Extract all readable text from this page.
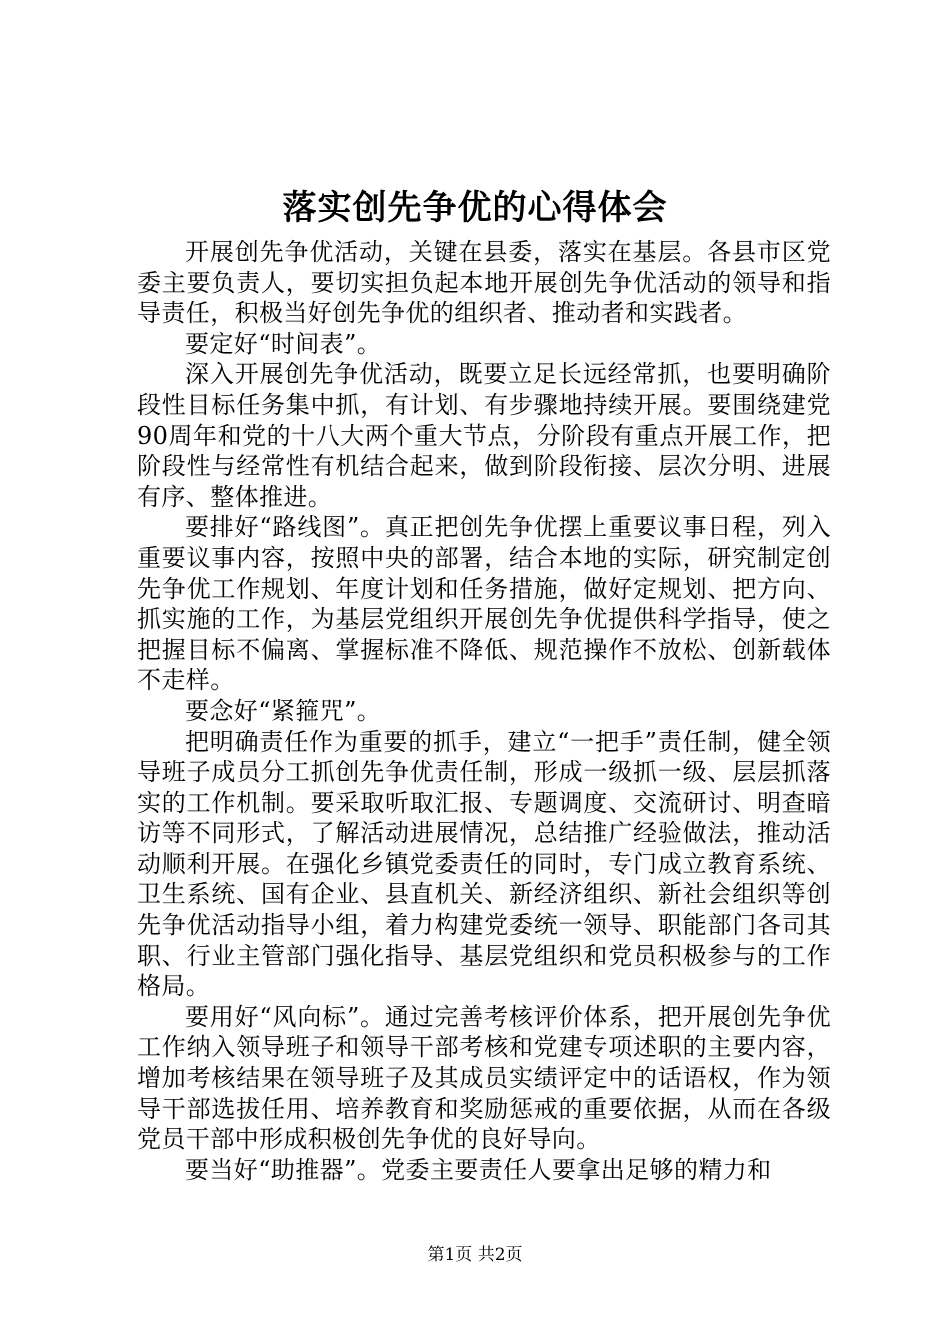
落实创先争优的心得体会

开展创先争优活动，关键在县委，落实在基层。各县市区党委主要负责人，要切实担负起本地开展创先争优活动的领导和指导责任，积极当好创先争优的组织者、推动者和实践者。

要定好“时间表”。

深入开展创先争优活动，既要立足长远经常抓，也要明确阶段性目标任务集中抓，有计划、有步骤地持续开展。要围绕建党90周年和党的十八大两个重大节点，分阶段有重点开展工作，把阶段性与经常性有机结合起来，做到阶段衔接、层次分明、进展有序、整体推进。

要排好“路线图”。真正把创先争优摆上重要议事日程，列入重要议事内容，按照中央的部署，结合本地的实际，研究制定创先争优工作规划、年度计划和任务措施，做好定规划、把方向、抓实施的工作，为基层党组织开展创先争优提供科学指导，使之把握目标不偏离、掌握标准不降低、规范操作不放松、创新载体不走样。

要念好“紧箍咒”。

把明确责任作为重要的抓手，建立“一把手”责任制，健全领导班子成员分工抓创先争优责任制，形成一级抓一级、层层抓落实的工作机制。要采取听取汇报、专题调度、交流研讨、明查暗访等不同形式，了解活动进展情况，总结推广经验做法，推动活动顺利开展。在强化乡镇党委责任的同时，专门成立教育系统、卫生系统、国有企业、县直机关、新经济组织、新社会组织等创先争优活动指导小组，着力构建党委统一领导、职能部门各司其职、行业主管部门强化指导、基层党组织和党员积极参与的工作格局。

要用好“风向标”。通过完善考核评价体系，把开展创先争优工作纳入领导班子和领导干部考核和党建专项述职的主要内容，增加考核结果在领导班子及其成员实绩评定中的话语权，作为领导干部选拔任用、培养教育和奖励惩戒的重要依据，从而在各级党员干部中形成积极创先争优的良好导向。

要当好“助推器”。党委主要责任人要拿出足够的精力和

第1页 共2页
